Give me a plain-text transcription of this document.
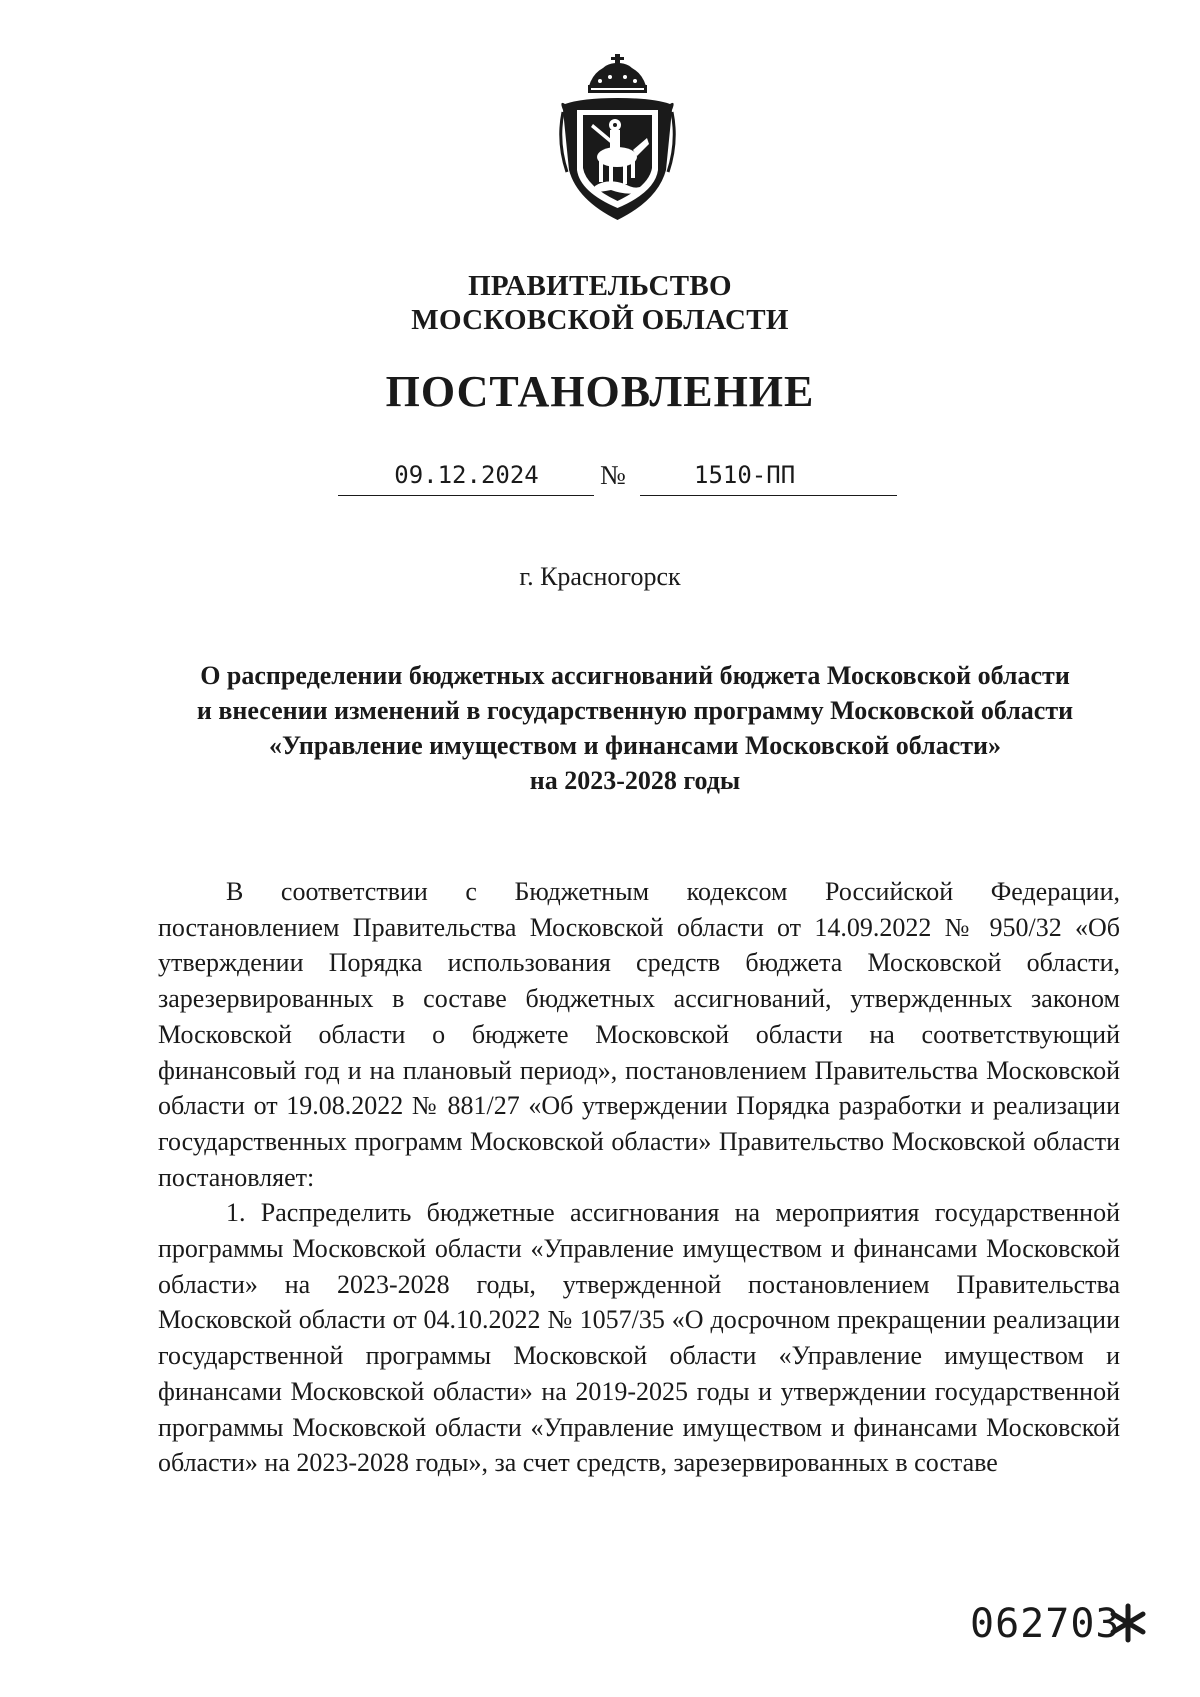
ПРАВИТЕЛЬСТВО
МОСКОВСКОЙ ОБЛАСТИ
ПОСТАНОВЛЕНИЕ
09.12.2024	№	1510-ПП
г. Красногорск
О распределении бюджетных ассигнований бюджета Московской области
и внесении изменений в государственную программу Московской области
«Управление имуществом и финансами Московской области»
на 2023-2028 годы

В соответствии с Бюджетным кодексом Российской Федерации, постановлением Правительства Московской области от 14.09.2022 № 950/32 «Об утверждении Порядка использования средств бюджета Московской области, зарезервированных в составе бюджетных ассигнований, утвержденных законом Московской области о бюджете Московской области на соответствующий финансовый год и на плановый период», постановлением Правительства Московской области от 19.08.2022 № 881/27 «Об утверждении Порядка разработки и реализации государственных программ Московской области» Правительство Московской области постановляет:

1. Распределить бюджетные ассигнования на мероприятия государственной программы Московской области «Управление имуществом и финансами Московской области» на 2023-2028 годы, утвержденной постановлением Правительства Московской области от 04.10.2022 № 1057/35 «О досрочном прекращении реализации государственной программы Московской области «Управление имуществом и финансами Московской области» на 2019-2025 годы и утверждении государственной программы Московской области «Управление имуществом и финансами Московской области» на 2023-2028 годы», за счет средств, зарезервированных в составе

062703
